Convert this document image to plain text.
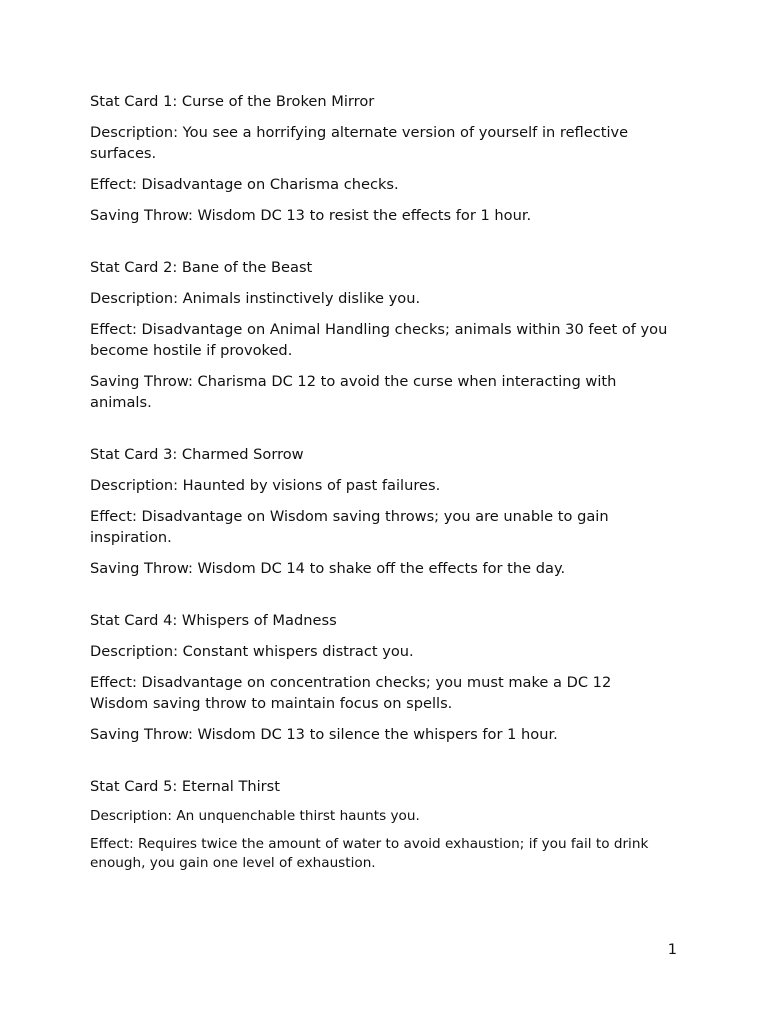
Stat Card 1: Curse of the Broken Mirror

Description: You see a horrifying alternate version of yourself in reflective surfaces.

Effect: Disadvantage on Charisma checks.

Saving Throw: Wisdom DC 13 to resist the effects for 1 hour.

Stat Card 2: Bane of the Beast

Description: Animals instinctively dislike you.

Effect: Disadvantage on Animal Handling checks; animals within 30 feet of you become hostile if provoked.

Saving Throw: Charisma DC 12 to avoid the curse when interacting with animals.

Stat Card 3: Charmed Sorrow

Description: Haunted by visions of past failures.

Effect: Disadvantage on Wisdom saving throws; you are unable to gain inspiration.

Saving Throw: Wisdom DC 14 to shake off the effects for the day.

Stat Card 4: Whispers of Madness

Description: Constant whispers distract you.

Effect: Disadvantage on concentration checks; you must make a DC 12 Wisdom saving throw to maintain focus on spells.

Saving Throw: Wisdom DC 13 to silence the whispers for 1 hour.

Stat Card 5: Eternal Thirst

Description: An unquenchable thirst haunts you.

Effect: Requires twice the amount of water to avoid exhaustion; if you fail to drink enough, you gain one level of exhaustion.

1
